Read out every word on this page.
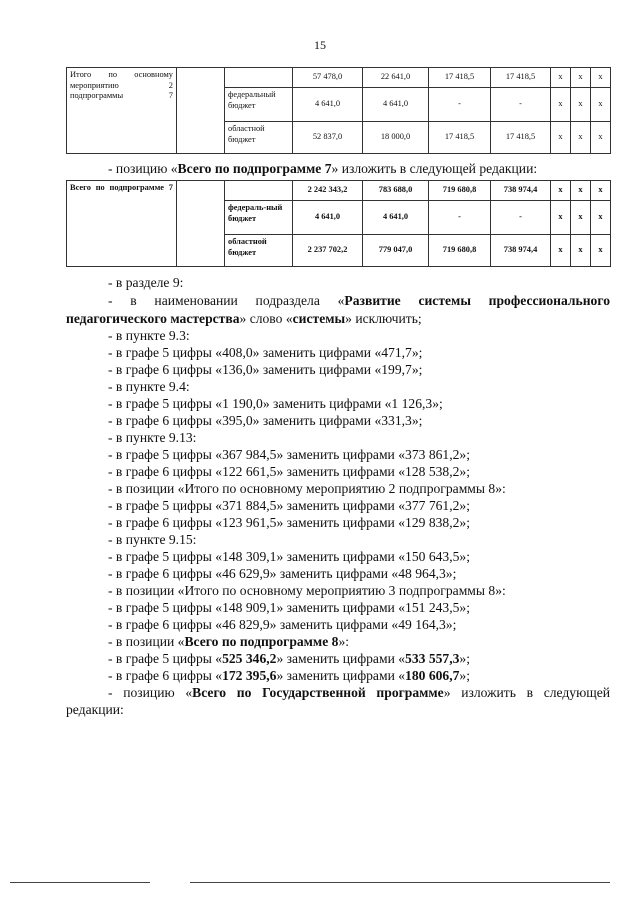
15
Итого по основному мероприятию 2 подпрограммы 7			57 478,0	22 641,0	17 418,5	17 418,5	x	x	x
		федеральный бюджет	4 641,0	4 641,0	-	-	x	x	x
		областной бюджет	52 837,0	18 000,0	17 418,5	17 418,5	x	x	x
- позицию «Всего по подпрограмме 7» изложить в следующей редакции:
Всего по подпрограмме 7			2 242 343,2	783 688,0	719 680,8	738 974,4	x	x	x
		федераль-ный бюджет	4 641,0	4 641,0	-	-	x	x	x
		областной бюджет	2 237 702,2	779 047,0	719 680,8	738 974,4	x	x	x
- в разделе 9:
- в наименовании подраздела «Развитие системы профессионального
педагогического мастерства» слово «системы» исключить;
- в пункте 9.3:
- в графе 5 цифры «408,0» заменить цифрами «471,7»;
- в графе 6 цифры «136,0» заменить цифрами «199,7»;
- в пункте 9.4:
- в графе 5 цифры «1 190,0» заменить цифрами «1 126,3»;
- в графе 6 цифры «395,0» заменить цифрами «331,3»;
- в пункте 9.13:
- в графе 5 цифры «367 984,5» заменить цифрами «373 861,2»;
- в графе 6 цифры «122 661,5» заменить цифрами «128 538,2»;
- в позиции «Итого по основному мероприятию 2 подпрограммы 8»:
- в графе 5 цифры «371 884,5» заменить цифрами «377 761,2»;
- в графе 6 цифры «123 961,5» заменить цифрами «129 838,2»;
- в пункте 9.15:
- в графе 5 цифры «148 309,1» заменить цифрами «150 643,5»;
- в графе 6 цифры «46 629,9» заменить цифрами «48 964,3»;
- в позиции «Итого по основному мероприятию 3 подпрограммы 8»:
- в графе 5 цифры «148 909,1» заменить цифрами «151 243,5»;
- в графе 6 цифры «46 829,9» заменить цифрами «49 164,3»;
- в позиции «Всего по подпрограмме 8»:
- в графе 5 цифры «525 346,2» заменить цифрами «533 557,3»;
- в графе 6 цифры «172 395,6» заменить цифрами «180 606,7»;
- позицию «Всего по Государственной программе» изложить в следующей
редакции:
